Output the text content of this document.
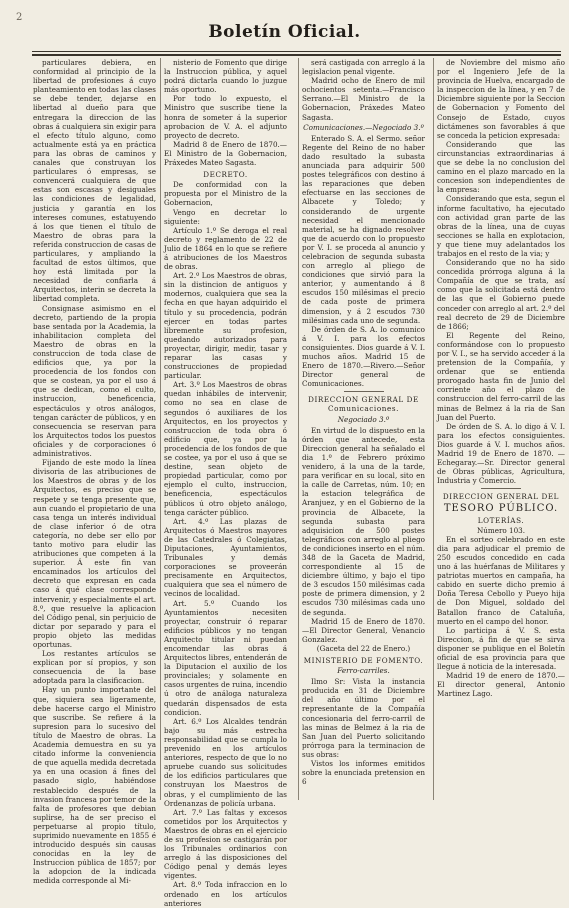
2
Boletín Oficial.

particulares debiera, en conformidad al principio de la libertad de profesiones á cuyo planteamiento en todas las clases se debe tender, dejarse en libertad al dueño para que entregara la direccion de las obras á cualquiera sin exigir para el efecto título alguno, como actualmente está ya en práctica para las obras de caminos y canales que construyan los particulares ó empresas, se convencerá cualquiera de que estas son escasas y desiguales las condiciones de legalidad, justicia y garantía en los intereses comunes, estatuyendo á los que tienen el título de Maestro de obras para la referida construccion de casas de particulares, y ampliando la facultad de estos últimos, que hoy está limitada por la necesidad de confiarla á Arquitectos, interin se decreta la libertad completa.

Consignase asimismo en el decreto, partiendo de la propia base sentada por la Academia, la inhabilitacion completa del Maestro de obras en la construccion de toda clase de edificios que, ya por la procedencia de los fondos con que se costean, ya por el uso á que se dedican, como el culto, instruccion, beneficencia, espectáculos y otros análogos, tengan carácter de públicos, y en consecuencia se reservan para los Arquitectos todos los puestos oficiales y de corporaciones ó administrativos.

Fijando de este modo la línea divisoria de las atribuciones de los Maestros de obras y de los Arquitectos, es preciso que se respete y se tenga presente que, aun cuando el propietario de una casa tenga un interés individual de clase inferior ó de otra categoría, no debe ser ello por tanto motivo para eludir las atribuciones que competen á la superior. Á este fin van encaminados los artículos del decreto que expresan en cada caso á qué clase corresponde intervenir, y especialmente el art. 8.º, que resuelve la aplicacion del Código penal, sin perjuicio de dictar por separado y para el propio objeto las medidas oportunas.

Los restantes artículos se explican por sí propios, y son consecuencia de la base adoptada para la clasificacion.

Hay un punto importante del que, siquiera sea ligeramente, debe hacerse cargo el Ministro que suscribe. Se refiere á la supresion para lo sucesivo del título de Maestro de obras. La Academia demuestra en su ya citado informe la conveniencia de que aquella medida decretada ya en una ocasion á fines del pasado siglo, habiéndose restablecido después de la invasion francesa por temor de la falta de profesores que debian suplirse, ha de ser preciso el perpetuarse al propio título, suprimido nuevamente en 1855 é introducido después sin causas conocidas en la ley de Instruccion pública de 1857; por la adopcion de la indicada medida corresponde al Mi-

nisterio de Fomento que dirige la Instruccion pública, y aquel podrá dictarla cuando lo juzgue más oportuno.

Por todo lo expuesto, el Ministro que suscribe tiene la honra de someter á la superior aprobacion de V. A. el adjunto proyecto de decreto.

Madrid 8 de Enero de 1870.— El Ministro de la Gobernacion, Práxedes Mateo Sagasta.

DECRETO.

De conformidad con la propuesta por el Ministro de la Gobernacion,

Vengo en decretar lo siguiente:

Artículo 1.º Se deroga el real decreto y reglamento de 22 de Julio de 1864 en lo que se refiere á atribuciones de los Maestros de obras.

Art. 2.º Los Maestros de obras, sin la distincion de antiguos y modernos, cualquiera que sea la fecha en que hayan adquirido el título y su procedencia, podrán ejercer en todas partes libremente su profesion, quedando autorizados para proyectar, dirigir, medir, tasar y reparar las casas y construcciones de propiedad particular.

Art. 3.º Los Maestros de obras quedan inhábiles de intervenir, como no sea en clase de segundos ó auxiliares de los Arquitectos, en los proyectos y construccion de toda obra ó edificio que, ya por la procedencia de los fondos de que se costee, ya por el uso á que se destine, sean objeto de propiedad particular, como por ejemplo el culto, instruccion, beneficencia, espectáculos públicos ú otro objeto análogo, tenga carácter público.

Art. 4.º Las plazas de Arquitectos ó Maestros mayores de las Catedrales ó Colegiatas, Diputaciones, Ayuntamientos, Tribunales y demás corporaciones se proveerán precisamente en Arquitectos, cualquiera que sea el número de vecinos de localidad.

Art. 5.º Cuando los Ayuntamientos necesiten proyectar, construir ó reparar edificios públicos y no tengan Arquitecto titular ni puedan encomendar las obras á Arquitectos libres, entenderán de la Diputacion el auxilio de los provinciales; y solamente en casos urgentes de ruina, incendio ú otro de análoga naturaleza quedarán dispensados de esta condicion.

Art. 6.º Los Alcaldes tendrán bajo su más estrecha responsabilidad que se cumpla lo prevenido en los artículos anteriores, respecto de que lo no apruebe cuando sus solicitudes de los edificios particulares que construyan los Maestros de obras, y el cumplimiento de las Ordenanzas de policía urbana.

Art. 7.º Las faltas y excesos cometidos por los Arquitectos y Maestros de obras en el ejercicio de su profesion se castigarán por los Tribunales ordinarios con arreglo á las disposiciones del Código penal y demás leyes vigentes.

Art. 8.º Toda infraccion en lo ordenado en los artículos anteriores

será castigada con arreglo á la legislacion penal vigente.

Madrid ocho de Enero de mil ochocientos setenta.—Francisco Serrano.—El Ministro de la Gobernacion, Práxedes Mateo Sagasta.

Comunicaciones.—Negociado 3.º

Enterado S. A. el Sermo. señor Regente del Reino de no haber dado resultado la subasta anunciada para adquirir 500 postes telegráficos con destino á las reparaciones que deben efectuarse en las secciones de Albacete y Toledo; y considerando de urgente necesidad el mencionado material, se ha dignado resolver que de acuerdo con lo propuesto por V. I. se proceda al anuncio y celebracion de segunda subasta con arreglo al pliego de condiciones que sirvió para la anterior, y aumentando á 8 escudos 150 milésimas el precio de cada poste de primera dimension, y á 2 escudos 730 milésimas cada uno de segunda.

De órden de S. A. lo comunico á V. I. para los efectos consiguientes. Dios guarde á V. I. muchos años. Madrid 15 de Enero de 1870.—Rivero.—Señor Director general de Comunicaciones.

DIRECCION GENERAL DE Comunicaciones.

Negociado 3.º

En virtud de lo dispuesto en la órden que antecede, esta Direccion general ha señalado el dia 1.º de Febrero próximo venidero, á la una de la tarde, para verificar en su local, sito en la calle de Carretas, núm. 10; en la estacion telegráfica de Aranjuez, y en el Gobierno de la provincia de Albacete, la segunda subasta para adquisicion de 500 postes telegráficos con arreglo al pliego de condiciones inserto en el núm. 348 de la Gaceta de Madrid, correspondiente al 15 de diciembre último, y bajo el tipo de 3 escudos 150 milésimas cada poste de primera dimension, y 2 escudos 730 milésimas cada uno de segunda.

Madrid 15 de Enero de 1870.—El Director General, Venancio Gonzalez.

(Gaceta del 22 de Enero.)

MINISTERIO DE FOMENTO.

Ferro-carriles.

Ilmo Sr: Vista la instancia producida en 31 de Diciembre del año último por el representante de la Compañía concesionaria del ferro-carril de las minas de Belmez á la ria de San Juan del Puerto solicitando prórroga para la terminacion de sus obras:

Vistos los informes emitidos sobre la enunciada pretension en 6

de Noviembre del mismo año por el Ingeniero Jefe de la provincia de Huelva, encargado de la inspeccion de la línea, y en 7 de Diciembre siguiente por la Seccion de Gobernacion y Fomento del Consejo de Estado, cuyos dictámenes son favorables á que se conceda la peticion expresada:

Considerando que las circunstancias extraordinarias á que se debe la no conclusion del camino en el plazo marcado en la concesion son independientes de la empresa:

Considerando que esta, segun el informe facultativo, ha ejecutado con actividad gran parte de las obras de la línea, una de cuyas secciones se halla en explotacion, y que tiene muy adelantados los trabajos en el resto de la via; y

Considerando que no ha sido concedida prórroga alguna á la Compañía de que se trata, así como que la solicitada está dentro de las que el Gobierno puede conceder con arreglo al art. 2.º del real decreto de 29 de Diciembre de 1866;

El Regente del Reino, conformándose con lo propuesto por V. I., se ha servido acceder á la pretension de la Compañía, y ordenar que se entienda prorogado hasta fin de Junio del corriente año el plazo de construccion del ferro-carril de las minas de Belmez á la ria de San Juan del Puerto.

De órden de S. A. lo digo á V. I. para los efectos consiguientes. Dios guarde á V. I. muchos años. Madrid 19 de Enero de 1870. —Echegaray.—Sr. Director general de Obras públicas, Agricultura, Industria y Comercio.

DIRECCION GENERAL DEL

TESORO PÚBLICO.

LOTERÍAS.

Número 103.

En el sorteo celebrado en este dia para adjudicar el premio de 250 escudos concedido en cada uno á las huérfanas de Militares y patriotas muertos en campaña, ha cabido en suerte dicho premio á Doña Teresa Cebollo y Pueyo hija de Don Miguel, soldado del Batallon franco de Cataluña, muerto en el campo del honor.

Lo participa á V. S. esta Direccion, á fin de que se sirva disponer se publique en el Boletín oficial de esa provincia para que llegue á noticia de la interesada.

Madrid 19 de enero de 1870.— El director general, Antonio Martinez Lago.
